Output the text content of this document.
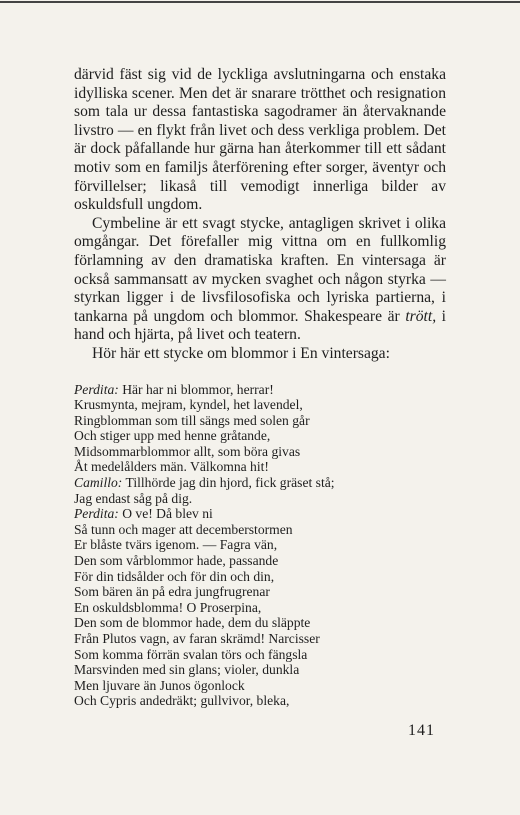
därvid fäst sig vid de lyckliga avslutningarna och enstaka idylliska scener. Men det är snarare trötthet och resignation som tala ur dessa fantastiska sagodramer än återvaknande livstro — en flykt från livet och dess verkliga problem. Det är dock påfallande hur gärna han återkommer till ett sådant motiv som en familjs återförening efter sorger, äventyr och förvillelser; likaså till vemodigt innerliga bilder av oskuldsfull ungdom.

Cymbeline är ett svagt stycke, antagligen skrivet i olika omgångar. Det förefaller mig vittna om en fullkomlig förlamning av den dramatiska kraften. En vintersaga är också sammansatt av mycken svaghet och någon styrka — styrkan ligger i de livsfilosofiska och lyriska partierna, i tankarna på ungdom och blommor. Shakespeare är trött, i hand och hjärta, på livet och teatern.

Hör här ett stycke om blommor i En vintersaga:

Perdita: Här har ni blommor, herrar!
Krusmynta, mejram, kyndel, het lavendel,
Ringblomman som till sängs med solen går
Och stiger upp med henne gråtande,
Midsommarblommor allt, som böra givas
Åt medelålders män. Välkomna hit!
Camillo: Tillhörde jag din hjord, fick gräset stå;
Jag endast såg på dig.
Perdita: O ve! Då blev ni
Så tunn och mager att decemberstormen
Er blåste tvärs igenom. — Fagra vän,
Den som vårblommor hade, passande
För din tidsålder och för din och din,
Som bären än på edra jungfrugrenar
En oskuldsblomma! O Proserpina,
Den som de blommor hade, dem du släppte
Från Plutos vagn, av faran skrämd! Narcisser
Som komma förrän svalan törs och fängsla
Marsvinden med sin glans; violer, dunkla
Men ljuvare än Junos ögonlock
Och Cypris andedräkt; gullvivor, bleka,
141
